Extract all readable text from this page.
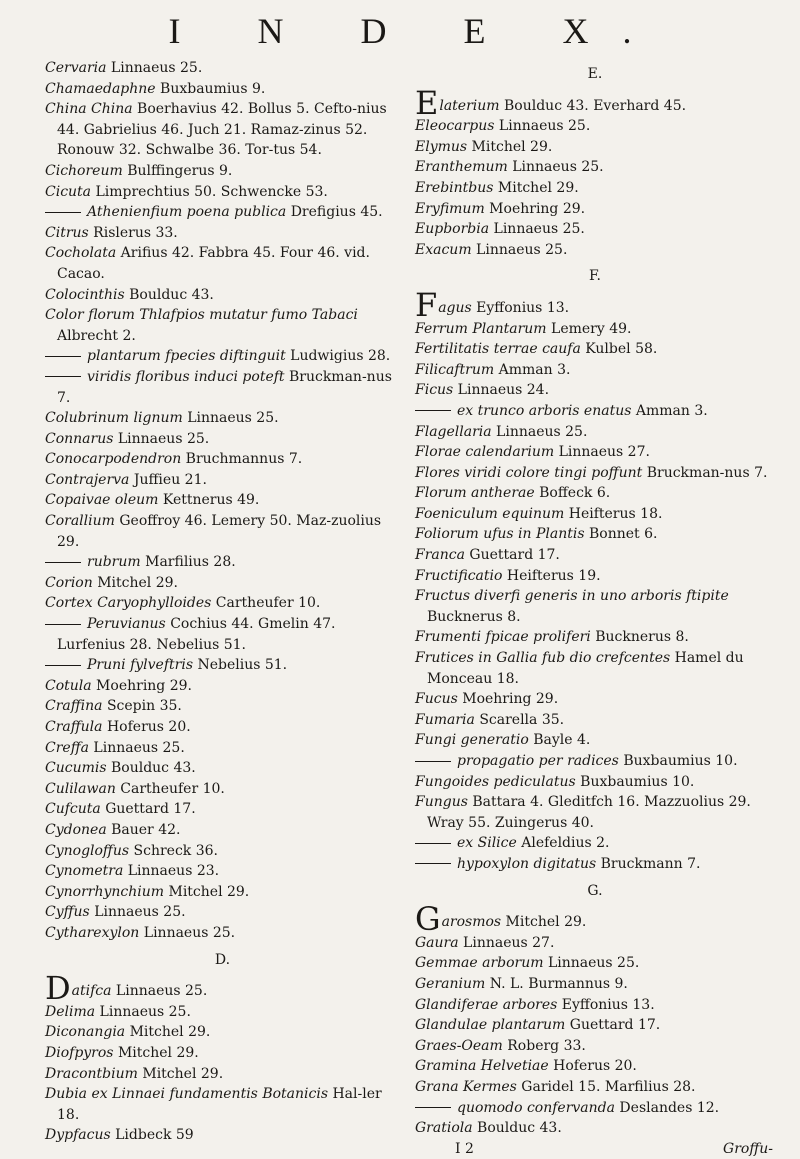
I N D E X.

Cervaria Linnaeus 25.

Chamaedaphne Buxbaumius 9.

China China Boerhavius 42. Bollus 5. Cefto-nius 44. Gabrielius 46. Juch 21. Ramaz-zinus 52. Ronouw 32. Schwalbe 36. Tor-tus 54.

Cichoreum Bulffingerus 9.

Cicuta Limprechtius 50. Schwencke 53.

Athenienfium poena publica Drefigius 45.

Citrus Rislerus 33.

Cocholata Arifius 42. Fabbra 45. Four 46. vid. Cacao.

Colocinthis Boulduc 43.

Color florum Thlafpios mutatur fumo Tabaci Albrecht 2.

plantarum fpecies diftinguit Ludwigius 28.

viridis floribus induci poteft Bruckman-nus 7.

Colubrinum lignum Linnaeus 25.

Connarus Linnaeus 25.

Conocarpodendron Bruchmannus 7.

Contrajerva Juffieu 21.

Copaivae oleum Kettnerus 49.

Corallium Geoffroy 46. Lemery 50. Maz-zuolius 29.

rubrum Marfilius 28.

Corion Mitchel 29.

Cortex Caryophylloides Cartheufer 10.

Peruvianus Cochius 44. Gmelin 47. Lurfenius 28. Nebelius 51.

Pruni fylveftris Nebelius 51.

Cotula Moehring 29.

Craffina Scepin 35.

Craffula Hoferus 20.

Creffa Linnaeus 25.

Cucumis Boulduc 43.

Culilawan Cartheufer 10.

Cufcuta Guettard 17.

Cydonea Bauer 42.

Cynogloffus Schreck 36.

Cynometra Linnaeus 23.

Cynorrhynchium Mitchel 29.

Cyffus Linnaeus 25.

Cytharexylon Linnaeus 25.

D.

Datifca Linnaeus 25.

Delima Linnaeus 25.

Diconangia Mitchel 29.

Diofpyros Mitchel 29.

Dracontbium Mitchel 29.

Dubia ex Linnaei fundamentis Botanicis Hal-ler 18.

Dypfacus Lidbeck 59

E.

Elaterium Boulduc 43. Everhard 45.

Eleocarpus Linnaeus 25.

Elymus Mitchel 29.

Eranthemum Linnaeus 25.

Erebintbus Mitchel 29.

Eryfimum Moehring 29.

Eupborbia Linnaeus 25.

Exacum Linnaeus 25.

F.

Fagus Eyffonius 13.

Ferrum Plantarum Lemery 49.

Fertilitatis terrae caufa Kulbel 58.

Filicaftrum Amman 3.

Ficus Linnaeus 24.

ex trunco arboris enatus Amman 3.

Flagellaria Linnaeus 25.

Florae calendarium Linnaeus 27.

Flores viridi colore tingi poffunt Bruckman-nus 7.

Florum antherae Boffeck 6.

Foeniculum equinum Heifterus 18.

Foliorum ufus in Plantis Bonnet 6.

Franca Guettard 17.

Fructificatio Heifterus 19.

Fructus diverfi generis in uno arboris ftipite Bucknerus 8.

Frumenti fpicae proliferi Bucknerus 8.

Frutices in Gallia fub dio crefcentes Hamel du Monceau 18.

Fucus Moehring 29.

Fumaria Scarella 35.

Fungi generatio Bayle 4.

propagatio per radices Buxbaumius 10.

Fungoides pediculatus Buxbaumius 10.

Fungus Battara 4. Gleditfch 16. Mazzuolius 29. Wray 55. Zuingerus 40.

ex Silice Alefeldius 2.

hypoxylon digitatus Bruckmann 7.

G.

Garosmos Mitchel 29.

Gaura Linnaeus 27.

Gemmae arborum Linnaeus 25.

Geranium N. L. Burmannus 9.

Glandiferae arbores Eyffonius 13.

Glandulae plantarum Guettard 17.

Graes-Oeam Roberg 33.

Gramina Helvetiae Hoferus 20.

Grana Kermes Garidel 15. Marfilius 28.

quomodo confervanda Deslandes 12.

Gratiola Boulduc 43.

I 2	Groffu-
